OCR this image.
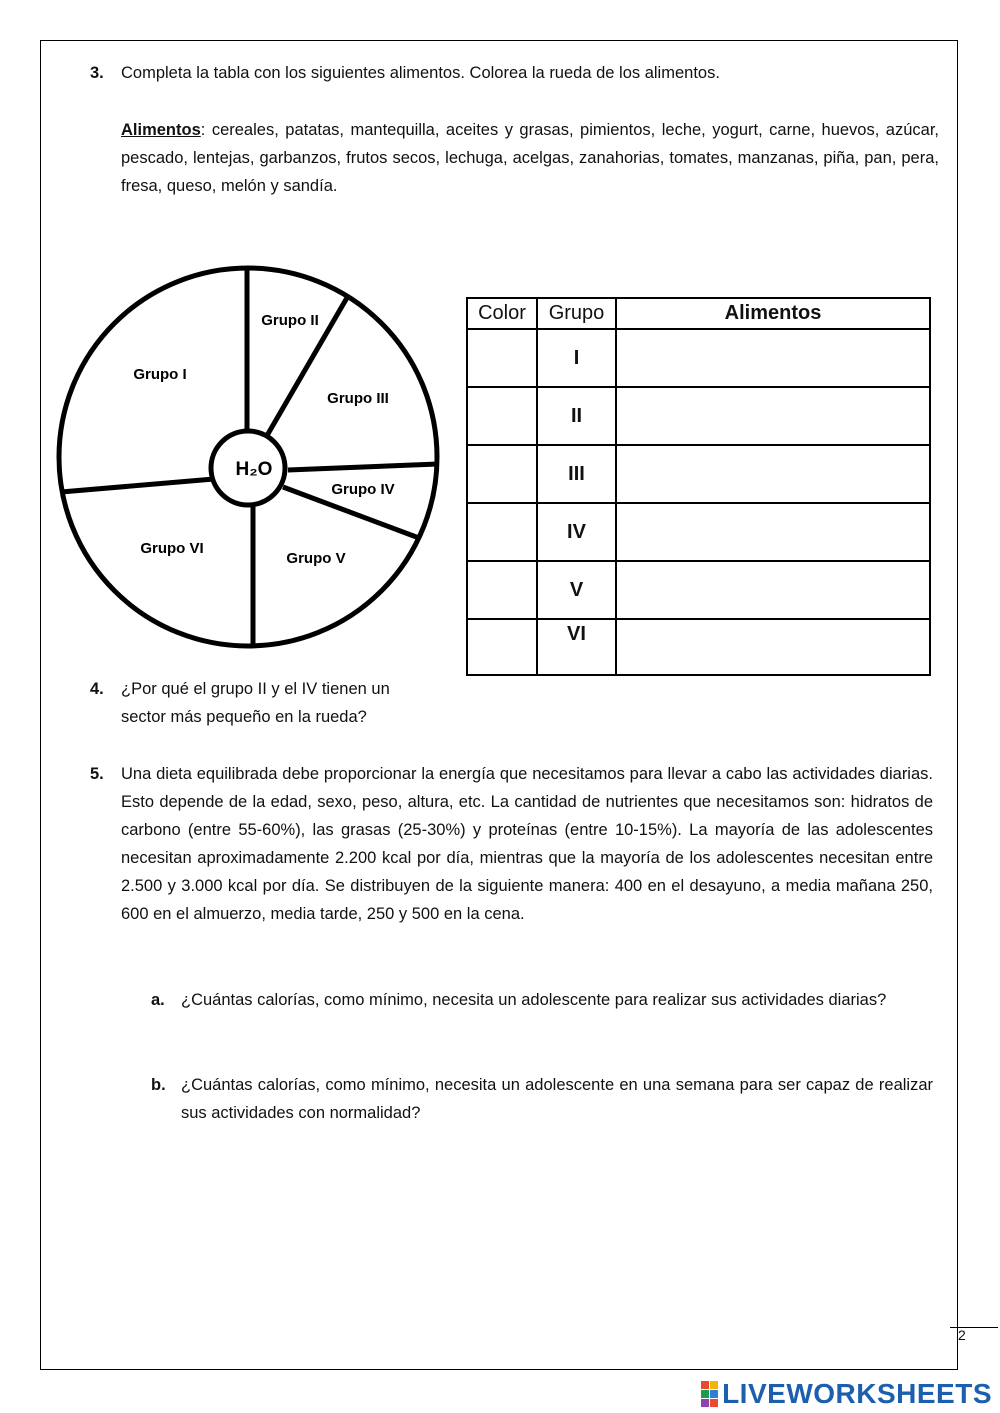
3. Completa la tabla con los siguientes alimentos. Colorea la rueda de los alimentos.
Alimentos: cereales, patatas, mantequilla, aceites y grasas, pimientos, leche, yogurt, carne, huevos, azúcar, pescado, lentejas, garbanzos, frutos secos, lechuga, acelgas, zanahorias, tomates, manzanas, piña, pan, pera, fresa, queso, melón y sandía.
H₂O
Grupo I
Grupo II
Grupo III
Grupo IV
Grupo V
Grupo VI
Color	Grupo	Alimentos
	I	
	II	
	III	
	IV	
	V	
	VI	
4. ¿Por qué el grupo II y el IV tienen un
sector más pequeño en la rueda?
5. Una dieta equilibrada debe proporcionar la energía que necesitamos para llevar a cabo las actividades diarias. Esto depende de la edad, sexo, peso, altura, etc. La cantidad de nutrientes que necesitamos son: hidratos de carbono (entre 55-60%), las grasas (25-30%) y proteínas (entre 10-15%). La mayoría de las adolescentes necesitan aproximadamente 2.200 kcal por día, mientras que la mayoría de los adolescentes necesitan entre 2.500 y 3.000 kcal por día. Se distribuyen de la siguiente manera: 400 en el desayuno, a media mañana 250, 600 en el almuerzo, media tarde, 250 y 500 en la cena.
a. ¿Cuántas calorías, como mínimo, necesita un adolescente para realizar sus actividades diarias?
b. ¿Cuántas calorías, como mínimo, necesita un adolescente en una semana para ser capaz de realizar sus actividades con normalidad?
2
LIVEWORKSHEETS
